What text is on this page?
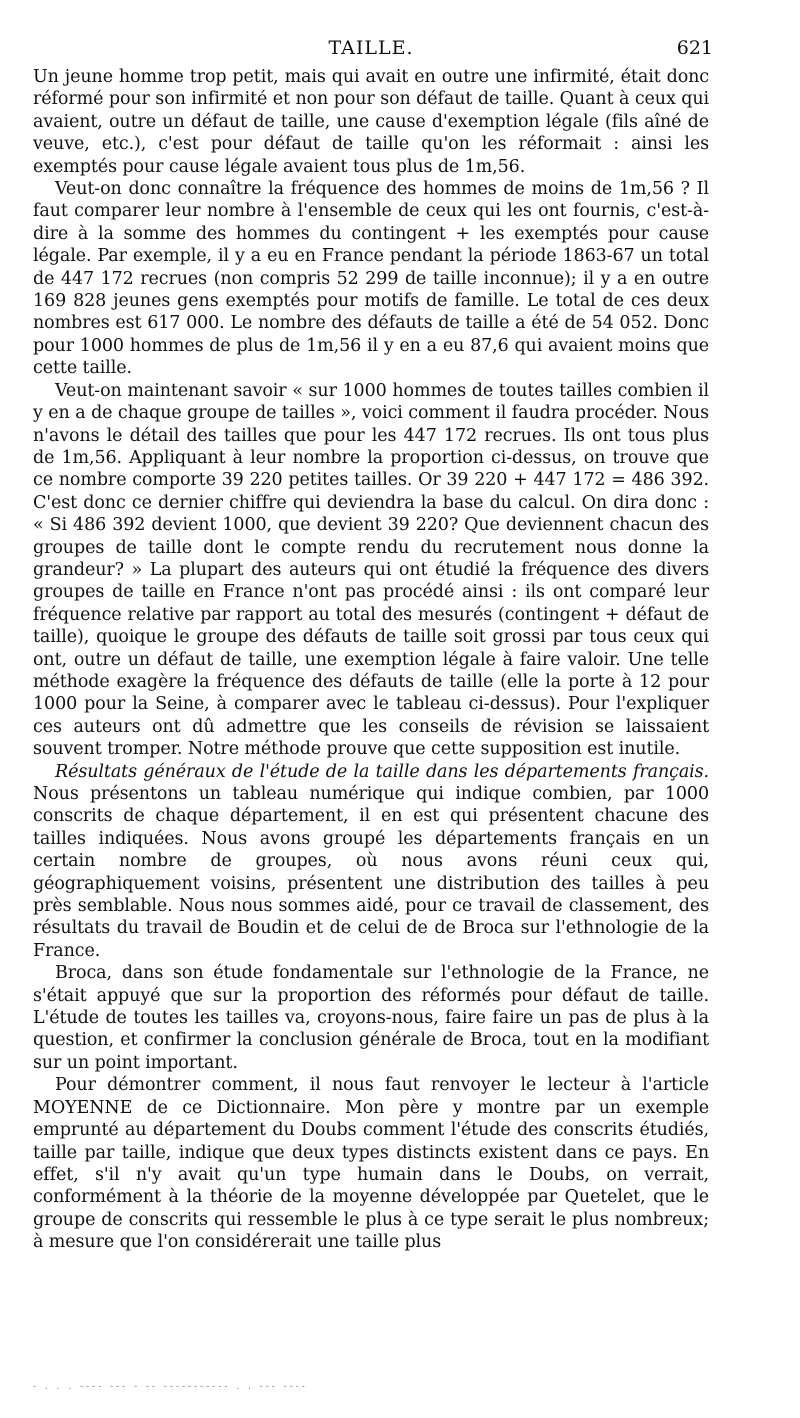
TAILLE.	621

Un jeune homme trop petit, mais qui avait en outre une infirmité, était donc réformé pour son infirmité et non pour son défaut de taille. Quant à ceux qui avaient, outre un défaut de taille, une cause d'exemption légale (fils aîné de veuve, etc.), c'est pour défaut de taille qu'on les réformait : ainsi les exemptés pour cause légale avaient tous plus de 1m,56.

Veut-on donc connaître la fréquence des hommes de moins de 1m,56 ? Il faut comparer leur nombre à l'ensemble de ceux qui les ont fournis, c'est-à-dire à la somme des hommes du contingent + les exemptés pour cause légale. Par exemple, il y a eu en France pendant la période 1863-67 un total de 447 172 recrues (non compris 52 299 de taille inconnue); il y a en outre 169 828 jeunes gens exemptés pour motifs de famille. Le total de ces deux nombres est 617 000. Le nombre des défauts de taille a été de 54 052. Donc pour 1000 hommes de plus de 1m,56 il y en a eu 87,6 qui avaient moins que cette taille.

Veut-on maintenant savoir « sur 1000 hommes de toutes tailles combien il y en a de chaque groupe de tailles », voici comment il faudra procéder. Nous n'avons le détail des tailles que pour les 447 172 recrues. Ils ont tous plus de 1m,56. Appliquant à leur nombre la proportion ci-dessus, on trouve que ce nombre comporte 39 220 petites tailles. Or 39 220 + 447 172 = 486 392. C'est donc ce dernier chiffre qui deviendra la base du calcul. On dira donc : « Si 486 392 devient 1000, que devient 39 220? Que deviennent chacun des groupes de taille dont le compte rendu du recrutement nous donne la grandeur? » La plupart des auteurs qui ont étudié la fréquence des divers groupes de taille en France n'ont pas procédé ainsi : ils ont comparé leur fréquence relative par rapport au total des mesurés (contingent + défaut de taille), quoique le groupe des défauts de taille soit grossi par tous ceux qui ont, outre un défaut de taille, une exemption légale à faire valoir. Une telle méthode exagère la fréquence des défauts de taille (elle la porte à 12 pour 1000 pour la Seine, à comparer avec le tableau ci-dessus). Pour l'expliquer ces auteurs ont dû admettre que les conseils de révision se laissaient souvent tromper. Notre méthode prouve que cette supposition est inutile.

Résultats généraux de l'étude de la taille dans les départements français. Nous présentons un tableau numérique qui indique combien, par 1000 conscrits de chaque département, il en est qui présentent chacune des tailles indiquées. Nous avons groupé les départements français en un certain nombre de groupes, où nous avons réuni ceux qui, géographiquement voisins, présentent une distribution des tailles à peu près semblable. Nous nous sommes aidé, pour ce travail de classement, des résultats du travail de Boudin et de celui de de Broca sur l'ethnologie de la France.

Broca, dans son étude fondamentale sur l'ethnologie de la France, ne s'était appuyé que sur la proportion des réformés pour défaut de taille. L'étude de toutes les tailles va, croyons-nous, faire faire un pas de plus à la question, et confirmer la conclusion générale de Broca, tout en la modifiant sur un point important.

Pour démontrer comment, il nous faut renvoyer le lecteur à l'article MOYENNE de ce Dictionnaire. Mon père y montre par un exemple emprunté au département du Doubs comment l'étude des conscrits étudiés, taille par taille, indique que deux types distincts existent dans ce pays. En effet, s'il n'y avait qu'un type humain dans le Doubs, on verrait, conformément à la théorie de la moyenne développée par Quetelet, que le groupe de conscrits qui ressemble le plus à ce type serait le plus nombreux; à mesure que l'on considérerait une taille plus

- . . . ---- --- - -- ----------- . . --- ----
